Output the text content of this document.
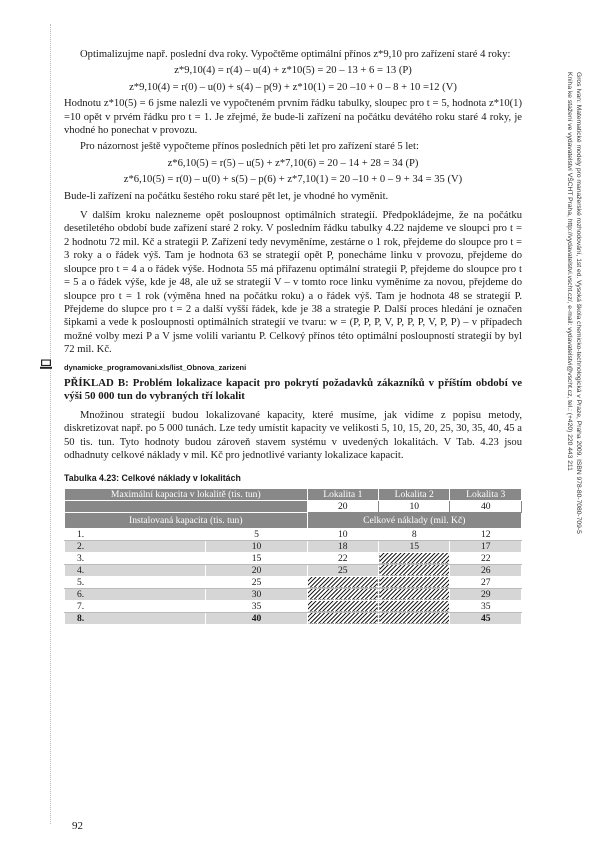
Optimalizujme např. poslední dva roky. Vypočtěme optimální přínos z*9,10 pro zařízení staré 4 roky:

z*9,10(4) = r(4) – u(4) + z*10(5) = 20 – 13 + 6 = 13 (P)

z*9,10(4) = r(0) – u(0) + s(4) – p(9) + z*10(1) = 20 –10 + 0 – 8 + 10 =12 (V)

Hodnotu z*10(5) = 6 jsme nalezli ve vypočteném prvním řádku tabulky, sloupec pro t = 5, hodnota z*10(1) =10 opět v prvém řádku pro t = 1. Je zřejmé, že bude-li zařízení na počátku devátého roku staré 4 roky, je vhodné ho ponechat v provozu.

Pro názornost ještě vypočteme přínos posledních pěti let pro zařízení staré 5 let:

z*6,10(5) = r(5) – u(5) + z*7,10(6) = 20 – 14 + 28 = 34 (P)

z*6,10(5) = r(0) – u(0) + s(5) – p(6) + z*7,10(1) = 20 –10 + 0 – 9 + 34 = 35 (V)

Bude-li zařízení na počátku šestého roku staré pět let, je vhodné ho vyměnit.

V dalším kroku nalezneme opět posloupnost optimálních strategií. Předpokládejme, že na počátku desetiletého období bude zařízení staré 2 roky. V posledním řádku tabulky 4.22 najdeme ve sloupci pro t = 2 hodnotu 72 mil. Kč a strategii P. Zařízení tedy nevyměníme, zestárne o 1 rok, přejdeme do sloupce pro t = 3 roky a o řádek výš. Tam je hodnota 63 se strategií opět P, ponecháme linku v provozu, přejdeme do sloupce pro t = 4 a o řádek výše. Hodnota 55 má přiřazenu optimální strategii P, přejdeme do sloupce pro t = 5 a o řádek výše, kde je 48, ale už se strategií V – v tomto roce linku vyměníme za novou, přejdeme do sloupce pro t = 1 rok (výměna hned na počátku roku) a o řádek výš. Tam je hodnota 48 se strategií P. Přejdeme do slupce pro t = 2 a další vyšší řádek, kde je 38 a strategie P. Další proces hledání je označen šipkami a vede k posloupnosti optimálních strategií ve tvaru: w = (P, P, P, V, P, P, P, V, P, P) – v případech možné volby mezi P a V jsme volili variantu P. Celkový přínos této optimální posloupností strategií by byl 72 mil. Kč.

dynamicke_programovani.xls/list_Obnova_zarizeni

PŘÍKLAD B: Problém lokalizace kapacit pro pokrytí požadavků zákazníků v příštím období ve výši 50 000 tun do vybraných tří lokalit

Množinou strategií budou lokalizované kapacity, které musíme, jak vidíme z popisu metody, diskretizovat např. po 5 000 tunách. Lze tedy umístit kapacity ve velikosti 5, 10, 15, 20, 25, 30, 35, 40, 45 a 50 tis. tun. Tyto hodnoty budou zároveň stavem systému v uvedených lokalitách. V Tab. 4.23 jsou odhadnuty celkové náklady v mil. Kč pro jednotlivé varianty lokalizace kapacit.

Tabulka 4.23: Celkové náklady v lokalitách
Maximální kapacita v lokalitě (tis. tun)		Lokalita 1	Lokalita 2	Lokalita 3
		20	10	40
Instalovaná kapacita (tis. tun)		Celkové náklady (mil. Kč)		
1.	5	10	8	12
2.	10	18	15	17
3.	15	22		22
4.	20	25		26
5.	25			27
6.	30			29
7.	35			35
8.	40			45
Gros Ivan: Matematické modely pro manažerské rozhodování, 1st ed. Vysoká škola chemicko-technologická v Praze, Praha 2009. ISBN 978-80-7080-709-5
Kniha ke stažení ve vydavatelství VŠCHT Praha, http://vydavatelstvi.vscht.cz/, e-mail: vydavatelstvi@vscht.cz, tel.: (+420) 220 443 211
92
